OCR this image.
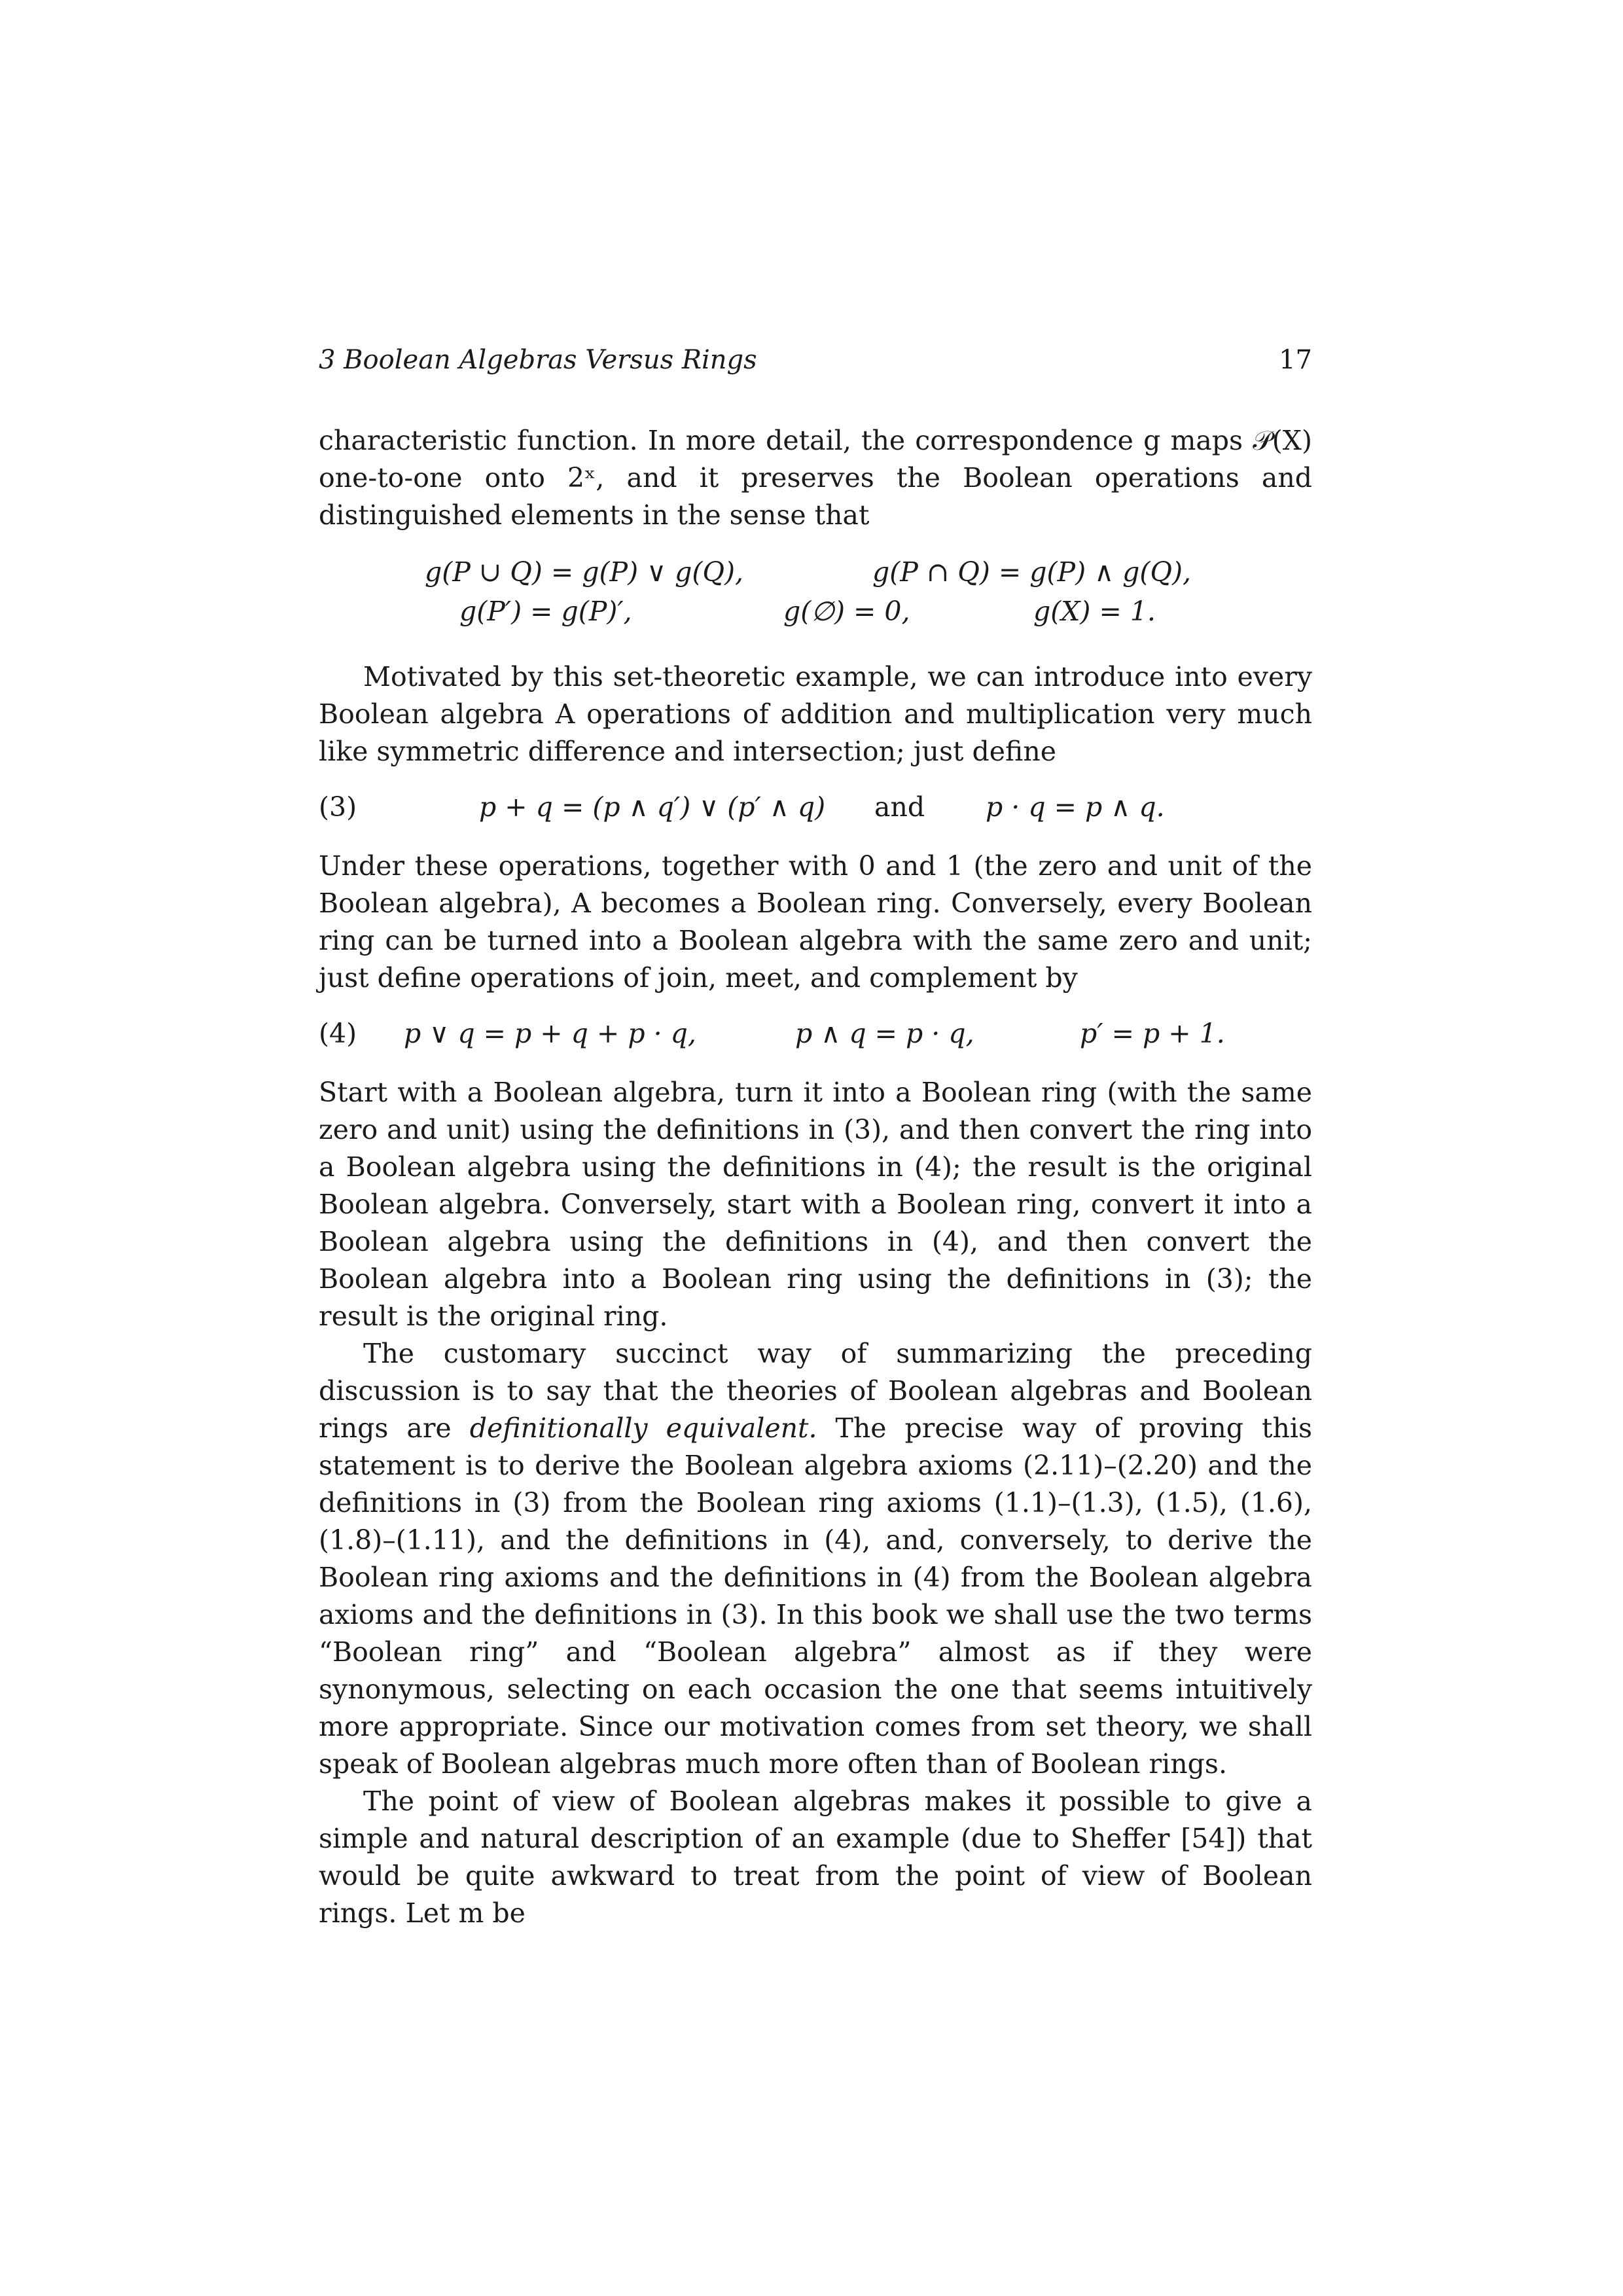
3 Boolean Algebras Versus Rings	17

characteristic function. In more detail, the correspondence g maps 𝒫(X) one-to-one onto 2ˣ, and it preserves the Boolean operations and distinguished elements in the sense that

g(P ∪ Q) = g(P) ∨ g(Q),	g(P ∩ Q) = g(P) ∧ g(Q),
g(P′) = g(P)′,	g(∅) = 0,	g(X) = 1.

Motivated by this set-theoretic example, we can introduce into every Boolean algebra A operations of addition and multiplication very much like symmetric difference and intersection; just define

(3)	p + q = (p ∧ q′) ∨ (p′ ∧ q) and p · q = p ∧ q.

Under these operations, together with 0 and 1 (the zero and unit of the Boolean algebra), A becomes a Boolean ring. Conversely, every Boolean ring can be turned into a Boolean algebra with the same zero and unit; just define operations of join, meet, and complement by

(4) p ∨ q = p + q + p · q,	p ∧ q = p · q,	p′ = p + 1.

Start with a Boolean algebra, turn it into a Boolean ring (with the same zero and unit) using the definitions in (3), and then convert the ring into a Boolean algebra using the definitions in (4); the result is the original Boolean algebra. Conversely, start with a Boolean ring, convert it into a Boolean algebra using the definitions in (4), and then convert the Boolean algebra into a Boolean ring using the definitions in (3); the result is the original ring.

The customary succinct way of summarizing the preceding discussion is to say that the theories of Boolean algebras and Boolean rings are definitionally equivalent. The precise way of proving this statement is to derive the Boolean algebra axioms (2.11)–(2.20) and the definitions in (3) from the Boolean ring axioms (1.1)–(1.3), (1.5), (1.6), (1.8)–(1.11), and the definitions in (4), and, conversely, to derive the Boolean ring axioms and the definitions in (4) from the Boolean algebra axioms and the definitions in (3). In this book we shall use the two terms “Boolean ring” and “Boolean algebra” almost as if they were synonymous, selecting on each occasion the one that seems intuitively more appropriate. Since our motivation comes from set theory, we shall speak of Boolean algebras much more often than of Boolean rings.

The point of view of Boolean algebras makes it possible to give a simple and natural description of an example (due to Sheffer [54]) that would be quite awkward to treat from the point of view of Boolean rings. Let m be
